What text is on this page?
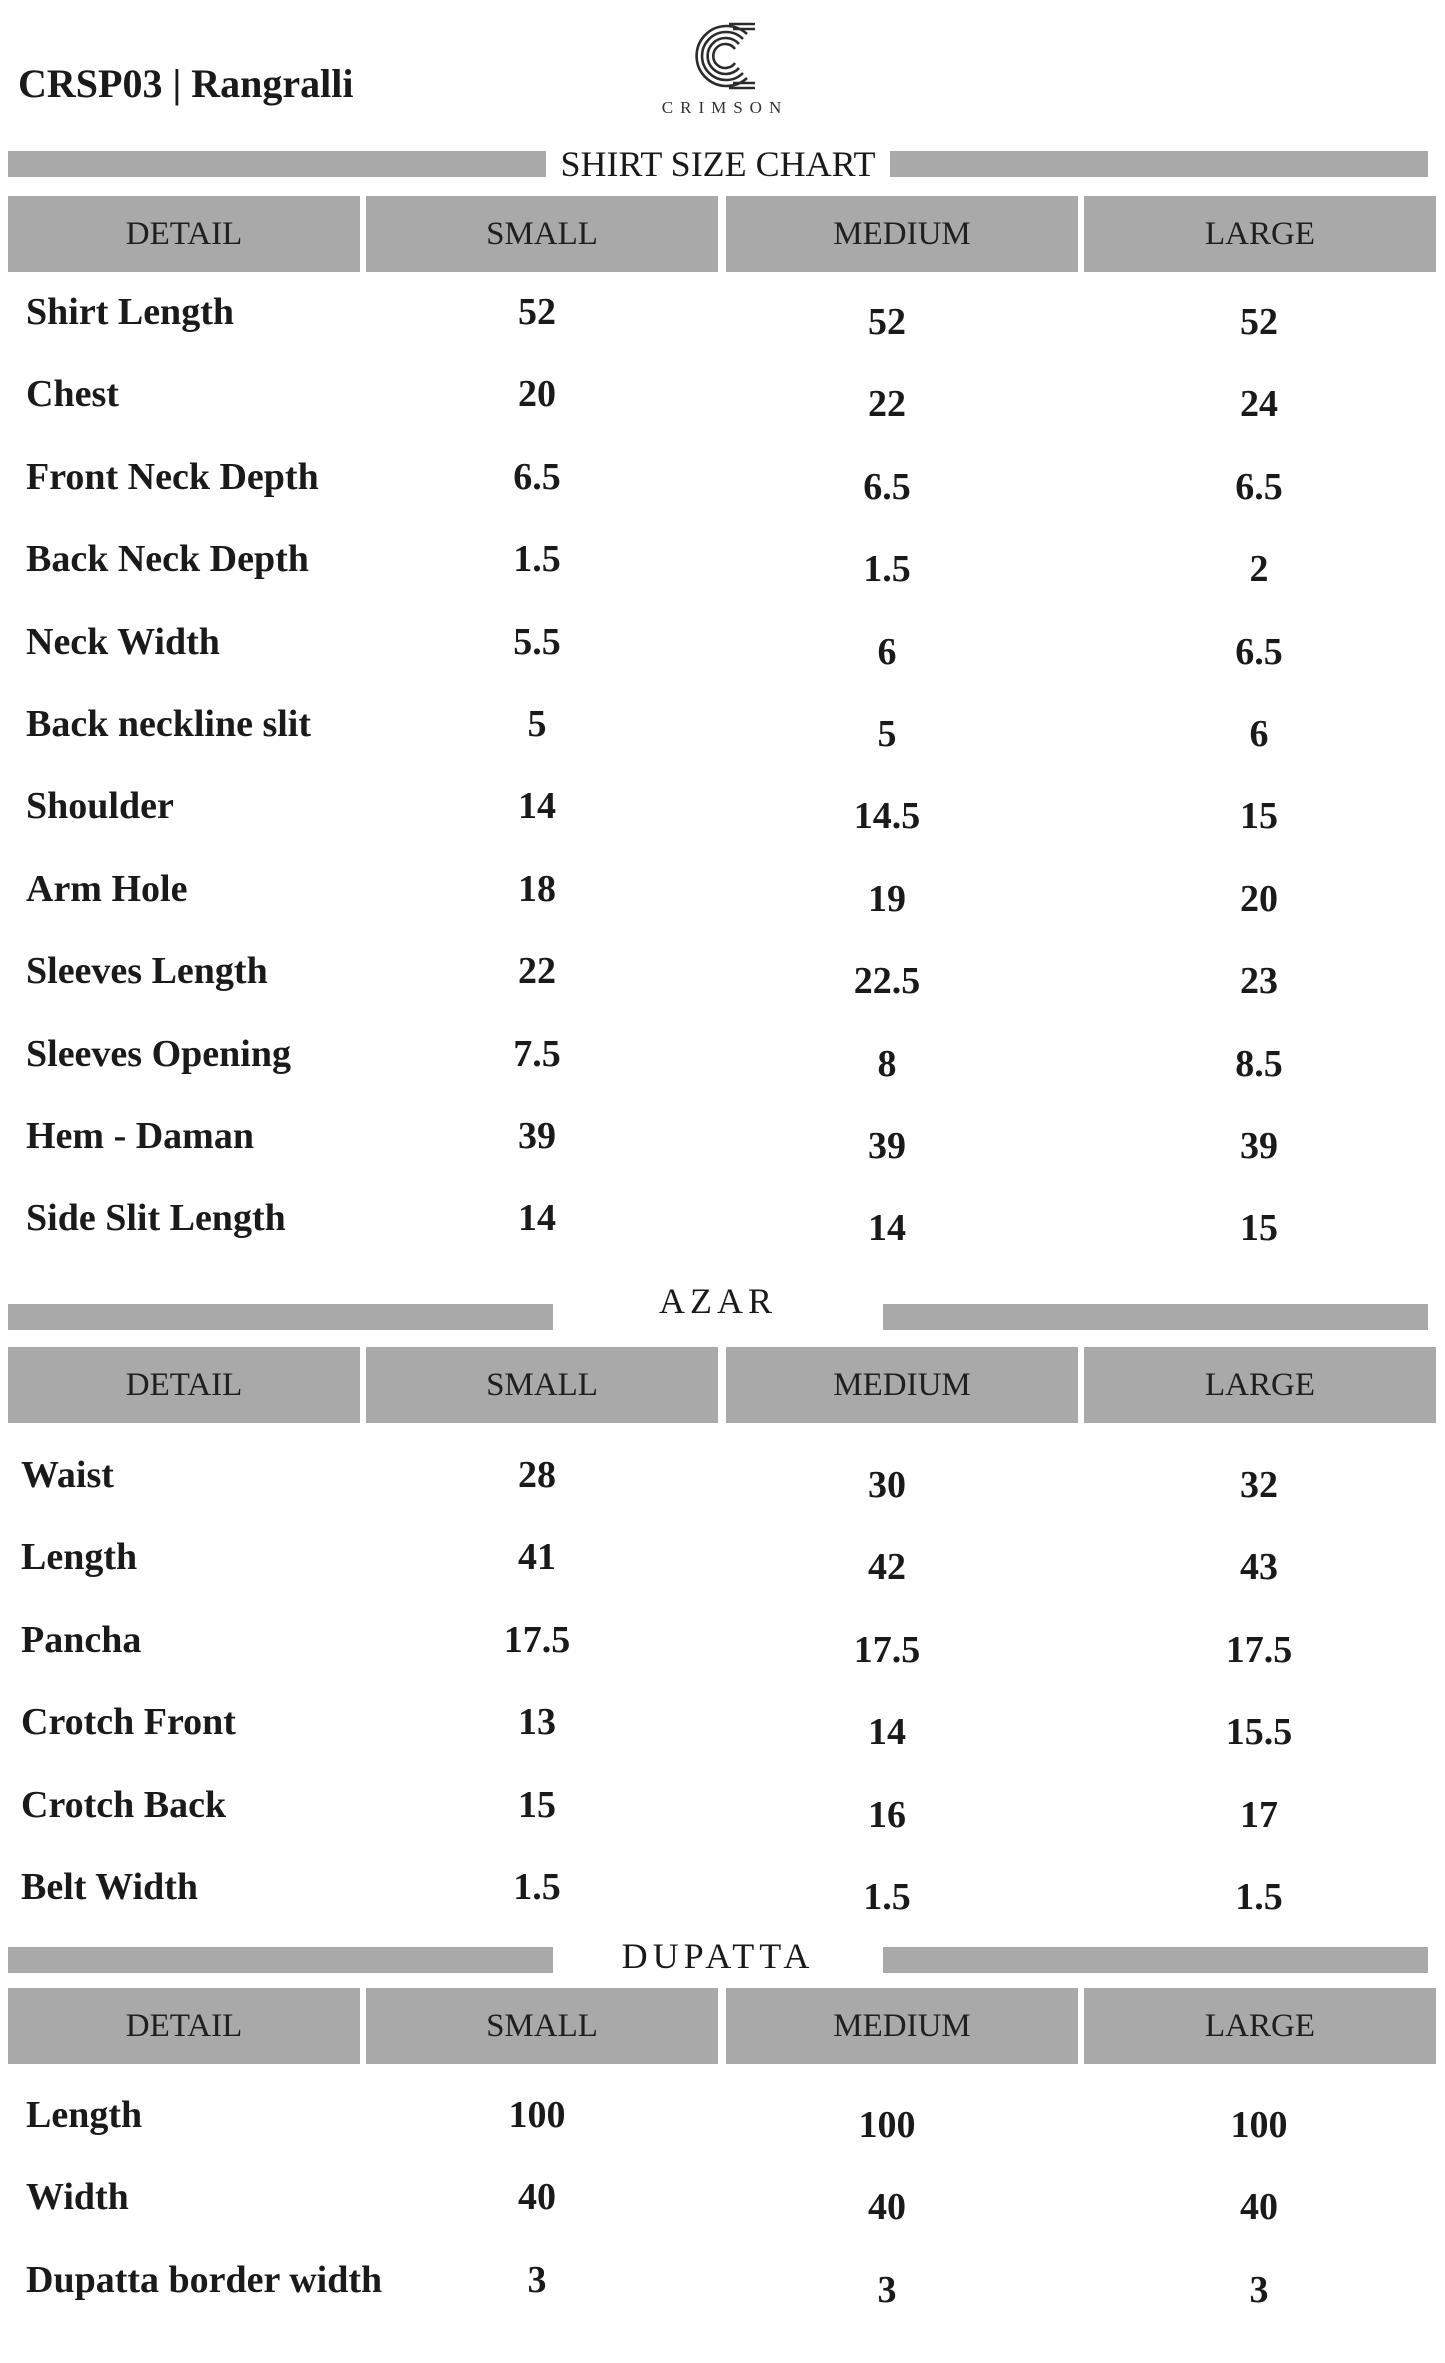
CRSP03 | Rangralli
CRIMSON
SHIRT SIZE CHART
DETAIL	SMALL	MEDIUM	LARGE
Shirt Length	52	52	52
Chest	20	22	24
Front Neck Depth	6.5	6.5	6.5
Back Neck Depth	1.5	1.5	2
Neck Width	5.5	6	6.5
Back neckline slit	5	5	6
Shoulder	14	14.5	15
Arm Hole	18	19	20
Sleeves Length	22	22.5	23
Sleeves Opening	7.5	8	8.5
Hem - Daman	39	39	39
Side Slit Length	14	14	15
AZAR
DETAIL	SMALL	MEDIUM	LARGE
Waist	28	30	32
Length	41	42	43
Pancha	17.5	17.5	17.5
Crotch Front	13	14	15.5
Crotch Back	15	16	17
Belt Width	1.5	1.5	1.5
DUPATTA
DETAIL	SMALL	MEDIUM	LARGE
Length	100	100	100
Width	40	40	40
Dupatta border width	3	3	3
